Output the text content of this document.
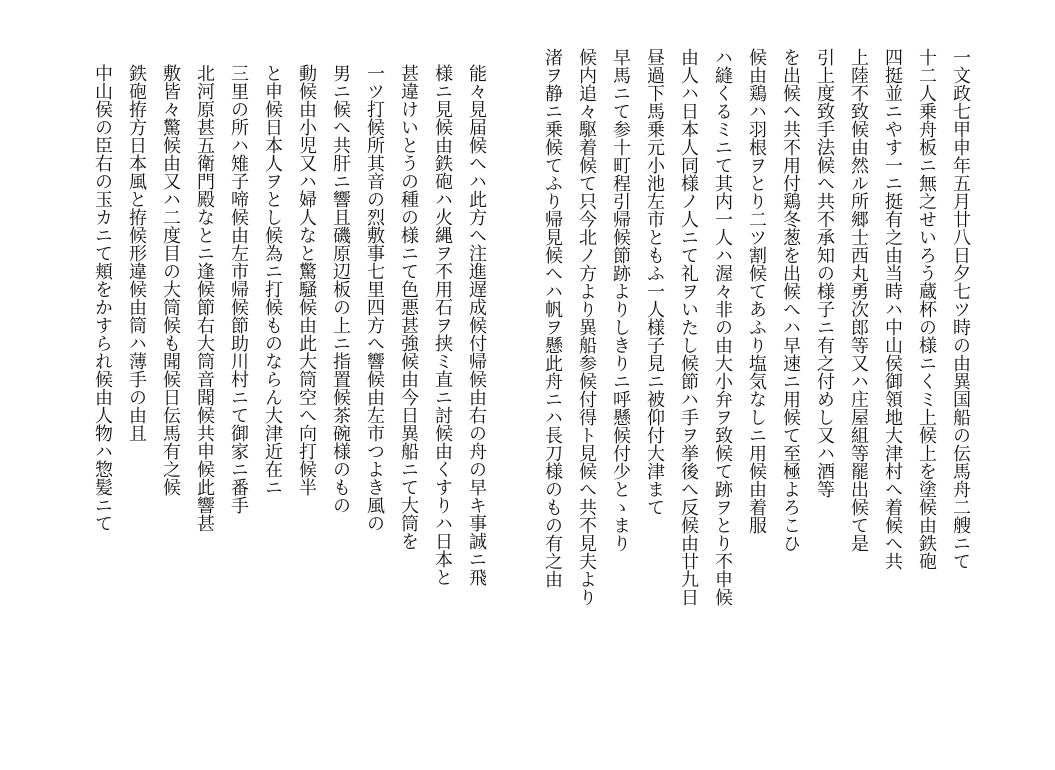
一文政七甲申年五月廿八日夕七ツ時の由異国船の伝馬舟二艘ニて
十二人乗舟板ニ無之せいろう蔵杯の様ニくミ上候上を塗候由鉄砲
四挺並ニやす一ニ挺有之由当時ハ中山侯御領地大津村へ着候へ共
上陸不致候由然ル所郷士西丸勇次郎等又ハ庄屋組等罷出候て是
引上度致手法候へ共不承知の様子ニ有之付めし又ハ酒等
を出候へ共不用付鶏冬葱を出候へハ早速ニ用候て至極よろこひ
候由鶏ハ羽根ヲとり二ツ割候てあふり塩気なしニ用候由着服
ハ縫くるミニて其内一人ハ渥々非の由大小弁ヲ致候て跡ヲとり不申候
由人ハ日本人同様ノ人ニて礼ヲいたし候節ハ手ヲ挙後へ反候由廿九日
昼過下馬乗元小池左市ともふ一人様子見ニ被仰付大津まて
早馬ニて参十町程引帰候節跡よりしきりニ呼懸候付少とゝまり
候内追々駆着候て只今北ノ方より異船参候付得ト見候へ共不見夫より
渚ヲ静ニ乗候てふり帰見候へハ帆ヲ懸此舟ニハ長刀様のもの有之由
能々見届候へハ此方へ注進遅成候付帰候由右の舟の早キ事誠ニ飛
様ニ見候由鉄砲ハ火縄ヲ不用石ヲ挟ミ直ニ討候由くすりハ日本と
甚違けいとうの種の様ニて色悪甚強候由今日異船ニて大筒を
一ツ打候所其音の烈敷事七里四方へ響候由左市つよき風の
男ニ候へ共肝ニ響且磯原辺板の上ニ指置候茶碗様のもの
動候由小児又ハ婦人なと驚騒候由此大筒空へ向打候半
と申候日本人ヲとし候為ニ打候ものならん大津近在ニ
三里の所ハ雉子啼候由左市帰候節助川村ニて御家ニ番手
北河原甚五衛門殿なとニ逢候節右大筒音聞候共申候此響甚
敷皆々驚候由又ハ二度目の大筒候も聞候日伝馬有之候
鉄砲拵方日本風と拵候形違候由筒ハ薄手の由且
中山侯の臣右の玉カニて頬をかすられ候由人物ハ惣髪ニて
